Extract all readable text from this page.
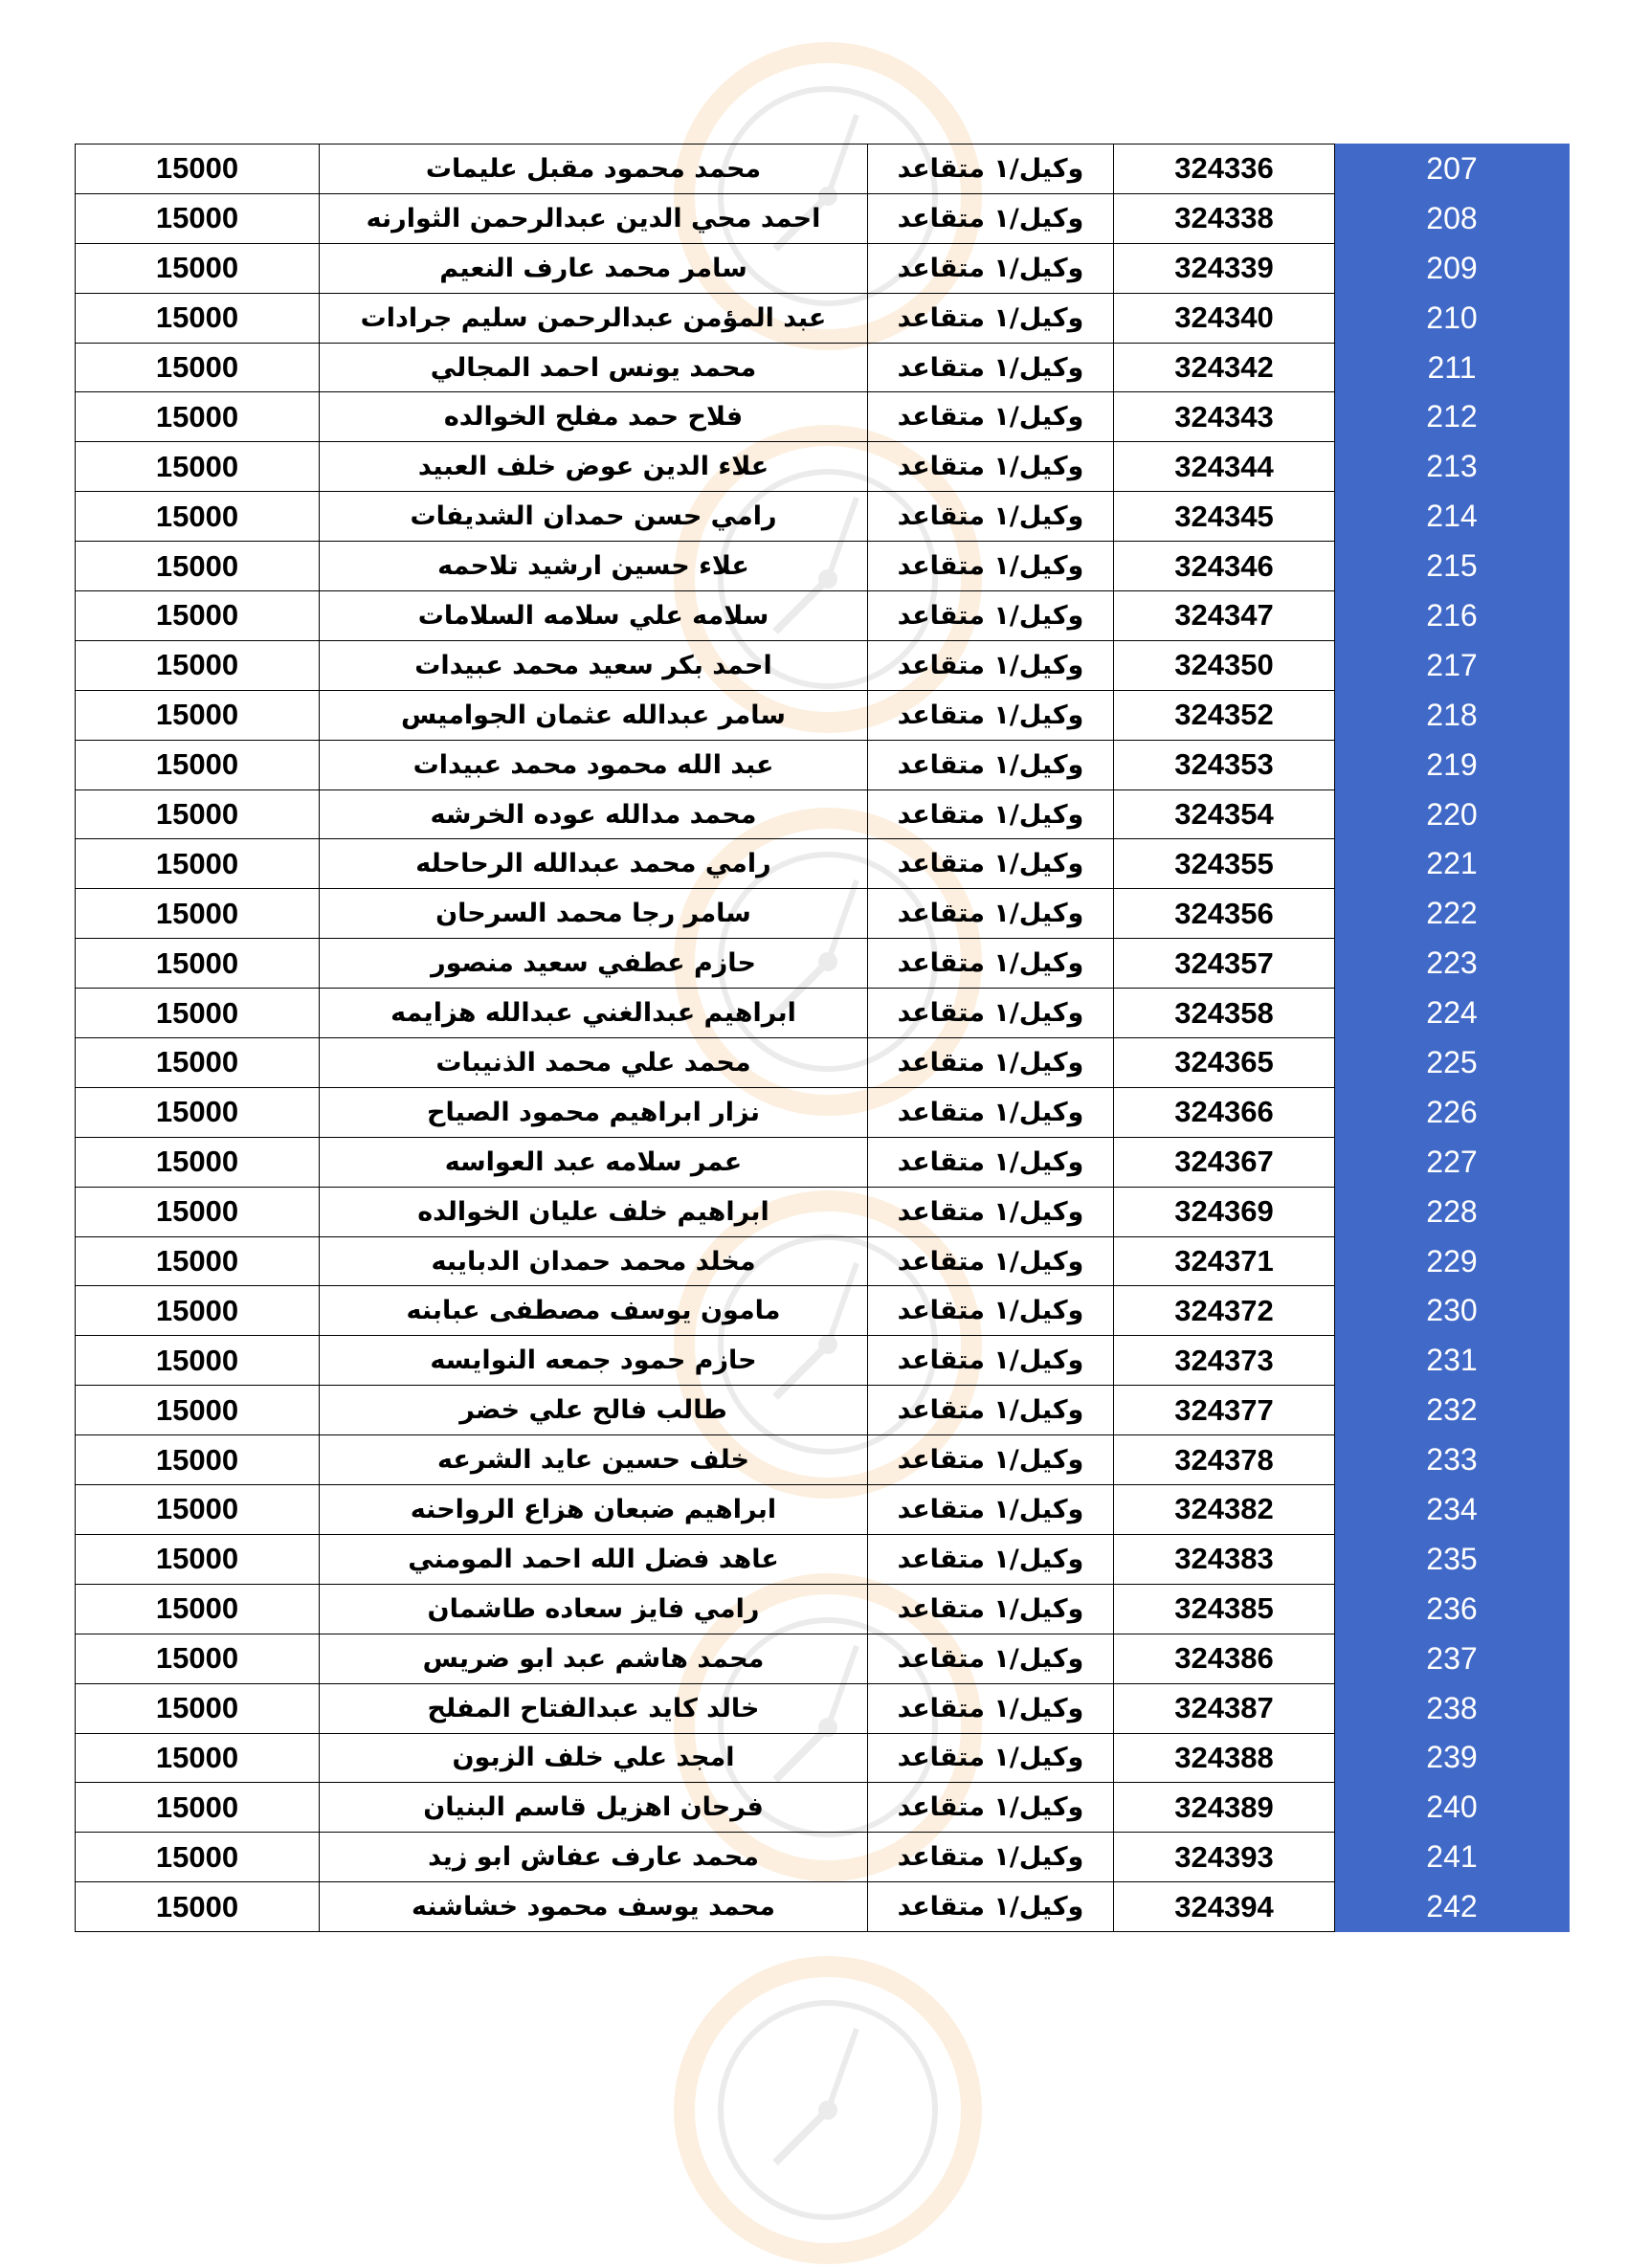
15000	محمد محمود مقبل عليمات	وكيل/١ متقاعد	324336	207
15000	احمد محي الدين عبدالرحمن الثوارنه	وكيل/١ متقاعد	324338	208
15000	سامر محمد عارف النعيم	وكيل/١ متقاعد	324339	209
15000	عبد المؤمن عبدالرحمن سليم جرادات	وكيل/١ متقاعد	324340	210
15000	محمد يونس احمد المجالي	وكيل/١ متقاعد	324342	211
15000	فلاح حمد مفلح الخوالده	وكيل/١ متقاعد	324343	212
15000	علاء الدين عوض خلف العبيد	وكيل/١ متقاعد	324344	213
15000	رامي حسن حمدان الشديفات	وكيل/١ متقاعد	324345	214
15000	علاء حسين ارشيد تلاحمه	وكيل/١ متقاعد	324346	215
15000	سلامه علي سلامه السلامات	وكيل/١ متقاعد	324347	216
15000	احمد بكر سعيد محمد عبيدات	وكيل/١ متقاعد	324350	217
15000	سامر عبدالله عثمان الجواميس	وكيل/١ متقاعد	324352	218
15000	عبد الله محمود محمد عبيدات	وكيل/١ متقاعد	324353	219
15000	محمد مدالله عوده الخرشه	وكيل/١ متقاعد	324354	220
15000	رامي محمد عبدالله الرحاحله	وكيل/١ متقاعد	324355	221
15000	سامر رجا محمد السرحان	وكيل/١ متقاعد	324356	222
15000	حازم عطفي سعيد منصور	وكيل/١ متقاعد	324357	223
15000	ابراهيم عبدالغني عبدالله هزايمه	وكيل/١ متقاعد	324358	224
15000	محمد علي محمد الذنيبات	وكيل/١ متقاعد	324365	225
15000	نزار ابراهيم محمود الصياح	وكيل/١ متقاعد	324366	226
15000	عمر سلامه عبد العواسه	وكيل/١ متقاعد	324367	227
15000	ابراهيم خلف عليان الخوالده	وكيل/١ متقاعد	324369	228
15000	مخلد محمد حمدان الدبايبه	وكيل/١ متقاعد	324371	229
15000	مامون يوسف مصطفى عبابنه	وكيل/١ متقاعد	324372	230
15000	حازم حمود جمعه النوايسه	وكيل/١ متقاعد	324373	231
15000	طالب فالح علي خضر	وكيل/١ متقاعد	324377	232
15000	خلف حسين عايد الشرعه	وكيل/١ متقاعد	324378	233
15000	ابراهيم ضبعان هزاع الرواحنه	وكيل/١ متقاعد	324382	234
15000	عاهد فضل الله احمد المومني	وكيل/١ متقاعد	324383	235
15000	رامي فايز سعاده طاشمان	وكيل/١ متقاعد	324385	236
15000	محمد هاشم عبد ابو ضريس	وكيل/١ متقاعد	324386	237
15000	خالد كايد عبدالفتاح المفلح	وكيل/١ متقاعد	324387	238
15000	امجد علي خلف الزبون	وكيل/١ متقاعد	324388	239
15000	فرحان اهزيل قاسم البنيان	وكيل/١ متقاعد	324389	240
15000	محمد عارف عفاش ابو زيد	وكيل/١ متقاعد	324393	241
15000	محمد يوسف محمود خشاشنه	وكيل/١ متقاعد	324394	242
